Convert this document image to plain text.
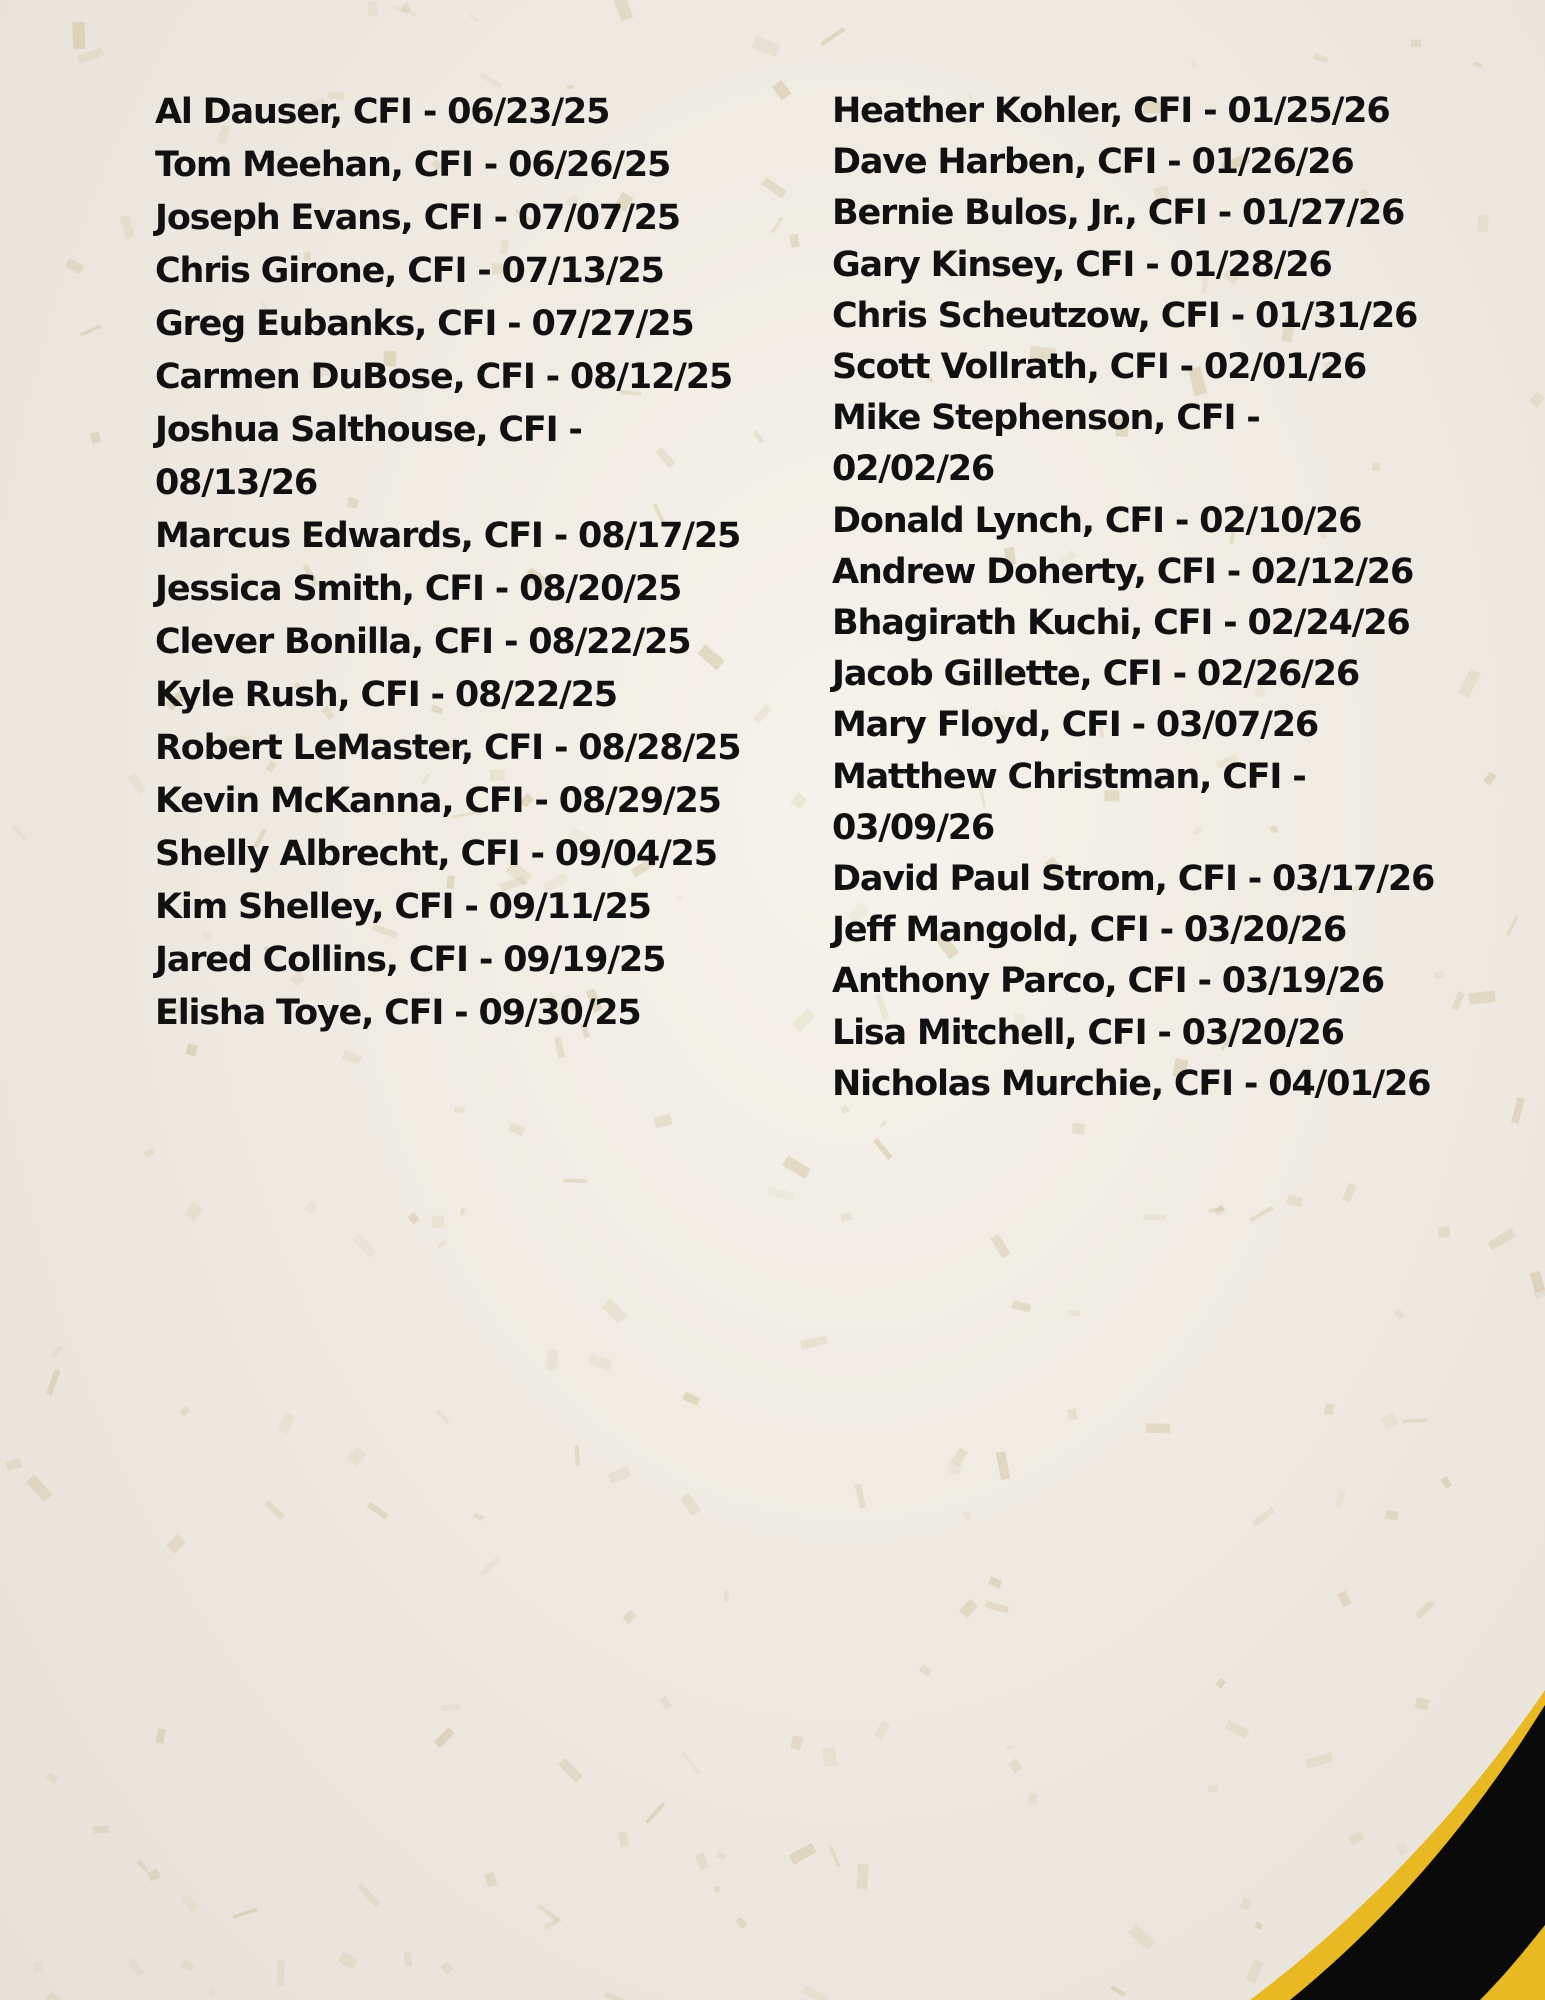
Al Dauser, CFI - 06/23/25
Tom Meehan, CFI - 06/26/25
Joseph Evans, CFI - 07/07/25
Chris Girone, CFI - 07/13/25
Greg Eubanks, CFI - 07/27/25
Carmen DuBose, CFI - 08/12/25
Joshua Salthouse, CFI -
08/13/26
Marcus Edwards, CFI - 08/17/25
Jessica Smith, CFI - 08/20/25
Clever Bonilla, CFI - 08/22/25
Kyle Rush, CFI - 08/22/25
Robert LeMaster, CFI - 08/28/25
Kevin McKanna, CFI - 08/29/25
Shelly Albrecht, CFI - 09/04/25
Kim Shelley, CFI - 09/11/25
Jared Collins, CFI - 09/19/25
Elisha Toye, CFI - 09/30/25
Heather Kohler, CFI - 01/25/26
Dave Harben, CFI - 01/26/26
Bernie Bulos, Jr., CFI - 01/27/26
Gary Kinsey, CFI - 01/28/26
Chris Scheutzow, CFI - 01/31/26
Scott Vollrath, CFI - 02/01/26
Mike Stephenson, CFI -
02/02/26
Donald Lynch, CFI - 02/10/26
Andrew Doherty, CFI - 02/12/26
Bhagirath Kuchi, CFI - 02/24/26
Jacob Gillette, CFI - 02/26/26
Mary Floyd, CFI - 03/07/26
Matthew Christman, CFI -
03/09/26
David Paul Strom, CFI - 03/17/26
Jeff Mangold, CFI - 03/20/26
Anthony Parco, CFI - 03/19/26
Lisa Mitchell, CFI - 03/20/26
Nicholas Murchie, CFI - 04/01/26
